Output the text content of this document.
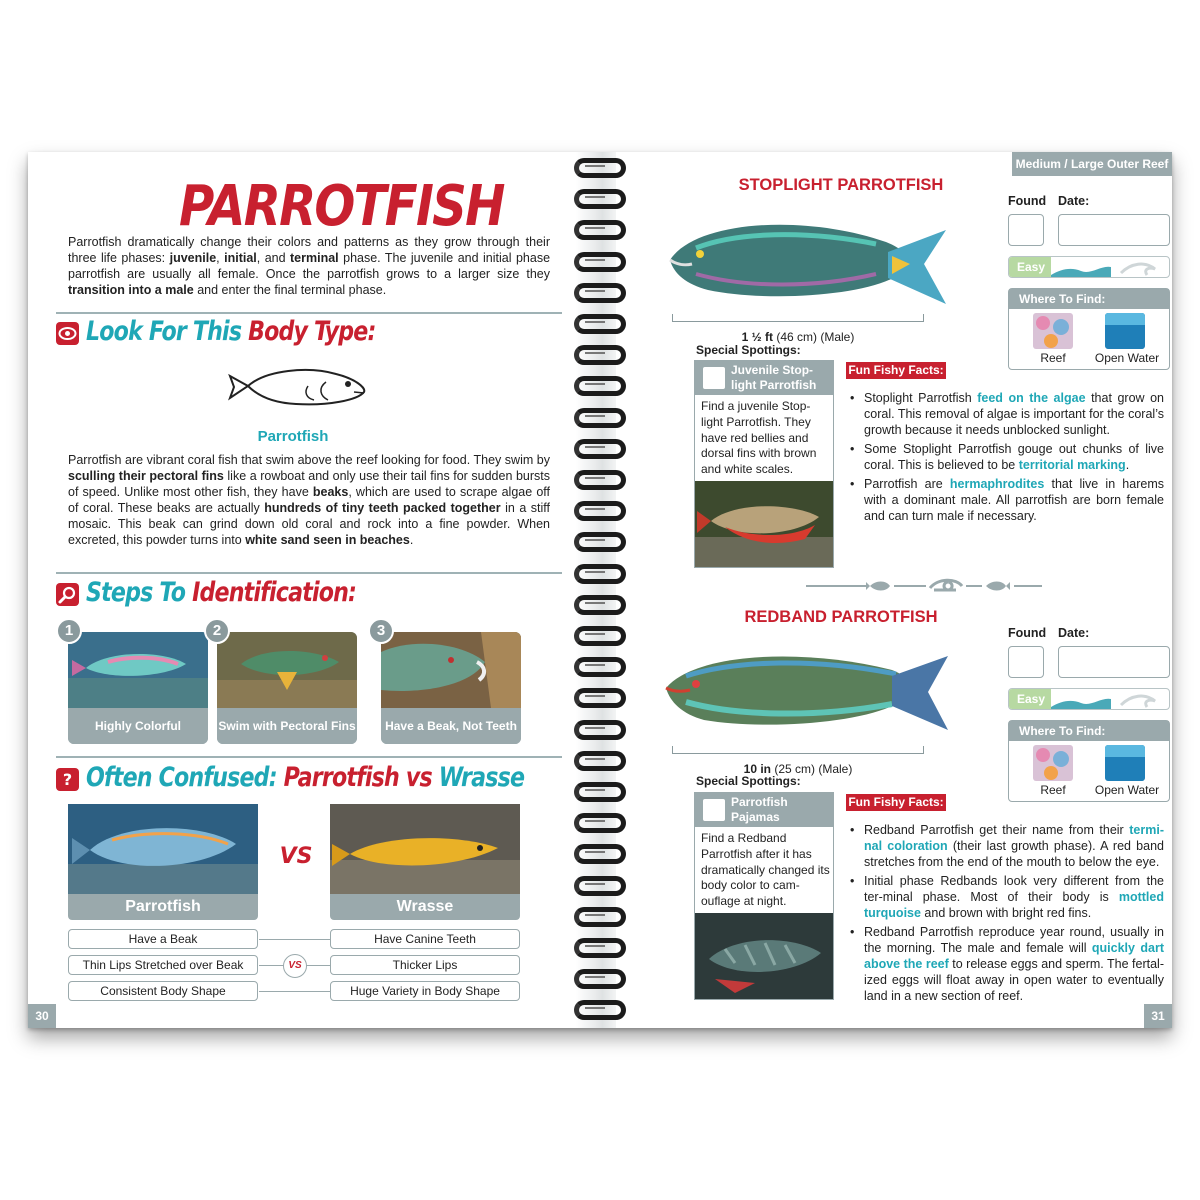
PARROTFISH
Parrotfish dramatically change their colors and patterns as they grow through their three life phases: juvenile, initial, and terminal phase. The juvenile and initial phase parrotfish are usually all female. Once the parrotfish grows to a larger size they transition into a male and enter the final terminal phase.
Look For This Body Type:
Parrotfish
Parrotfish are vibrant coral fish that swim above the reef looking for food. They swim by sculling their pectoral fins like a rowboat and only use their tail fins for sudden bursts of speed. Unlike most other fish, they have beaks, which are used to scrape algae off of coral. These beaks are actually hundreds of tiny teeth packed together in a stiff mosaic. This beak can grind down old coral and rock into a fine powder. When excreted, this powder turns into white sand seen in beaches.
Steps To Identification:
Highly Colorful	Swim with Pectoral Fins	Have a Beak, Not Teeth
1	2	3
? Often Confused: Parrotfish vs Wrasse
Parrotfish
VS
Wrasse
Have a Beak
Thin Lips Stretched over Beak
Consistent Body Shape
Have Canine Teeth
Thicker Lips
Huge Variety in Body Shape
VS
30
Medium / Large Outer Reef
STOPLIGHT PARROTFISH
1 ½ ft (46 cm) (Male)
Special Spottings:
Juvenile Stop-light Parrotfish
Find a juvenile Stop-light Parrotfish. They have red bellies and dorsal fins with brown and white scales.
Fun Fishy Facts:
• Stoplight Parrotfish feed on the algae that grow on coral. This removal of algae is important for the coral’s growth because it needs unblocked sunlight.
• Some Stoplight Parrotfish gouge out chunks of live coral. This is believed to be territorial marking.
• Parrotfish are hermaphrodites that live in harems with a dominant male. All parrotfish are born female and can turn male if necessary.
Found Date:
Easy
Where To Find:
Reef	Open Water
REDBAND PARROTFISH
10 in (25 cm) (Male)
Special Spottings:
Parrotfish Pajamas
Find a Redband Parrotfish after it has dramatically changed its body color to cam-ouflage at night.
Fun Fishy Facts:
• Redband Parrotfish get their name from their termi-nal coloration (their last growth phase). A red band stretches from the end of the mouth to below the eye.
• Initial phase Redbands look very different from the ter-minal phase. Most of their body is mottled turquoise and brown with bright red fins.
• Redband Parrotfish reproduce year round, usually in the morning. The male and female will quickly dart above the reef to release eggs and sperm. The fertal-ized eggs will float away in open water to eventually land in a new section of reef.
Found Date:
Easy
Where To Find:
Reef	Open Water
31
